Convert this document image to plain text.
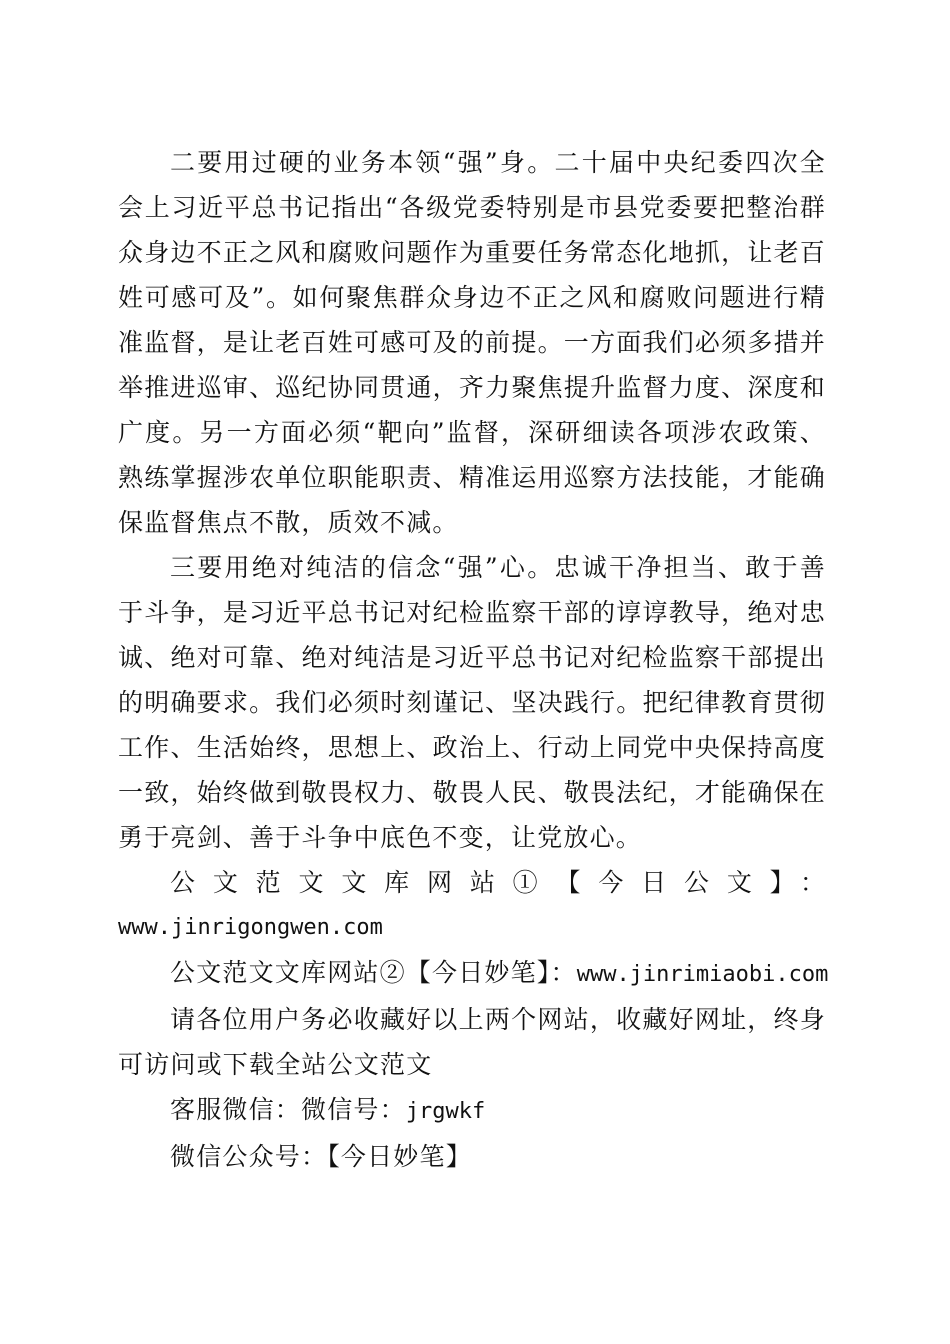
二要用过硬的业务本领“强”身。二十届中央纪委四次全会上习近平总书记指出“各级党委特别是市县党委要把整治群众身边不正之风和腐败问题作为重要任务常态化地抓，让老百姓可感可及”。如何聚焦群众身边不正之风和腐败问题进行精准监督，是让老百姓可感可及的前提。一方面我们必须多措并举推进巡审、巡纪协同贯通，齐力聚焦提升监督力度、深度和广度。另一方面必须“靶向”监督，深研细读各项涉农政策、熟练掌握涉农单位职能职责、精准运用巡察方法技能，才能确保监督焦点不散，质效不减。

三要用绝对纯洁的信念“强”心。忠诚干净担当、敢于善于斗争，是习近平总书记对纪检监察干部的谆谆教导，绝对忠诚、绝对可靠、绝对纯洁是习近平总书记对纪检监察干部提出的明确要求。我们必须时刻谨记、坚决践行。把纪律教育贯彻工作、生活始终，思想上、政治上、行动上同党中央保持高度一致，始终做到敬畏权力、敬畏人民、敬畏法纪，才能确保在勇于亮剑、善于斗争中底色不变，让党放心。

公文范文文库网站①【今日公文】：
www.jinrigongwen.com

公文范文文库网站②【今日妙笔】：www.jinrimiaobi.com

请各位用户务必收藏好以上两个网站，收藏好网址，终身可访问或下载全站公文范文

客服微信：微信号：jrgwkf

微信公众号：【今日妙笔】
